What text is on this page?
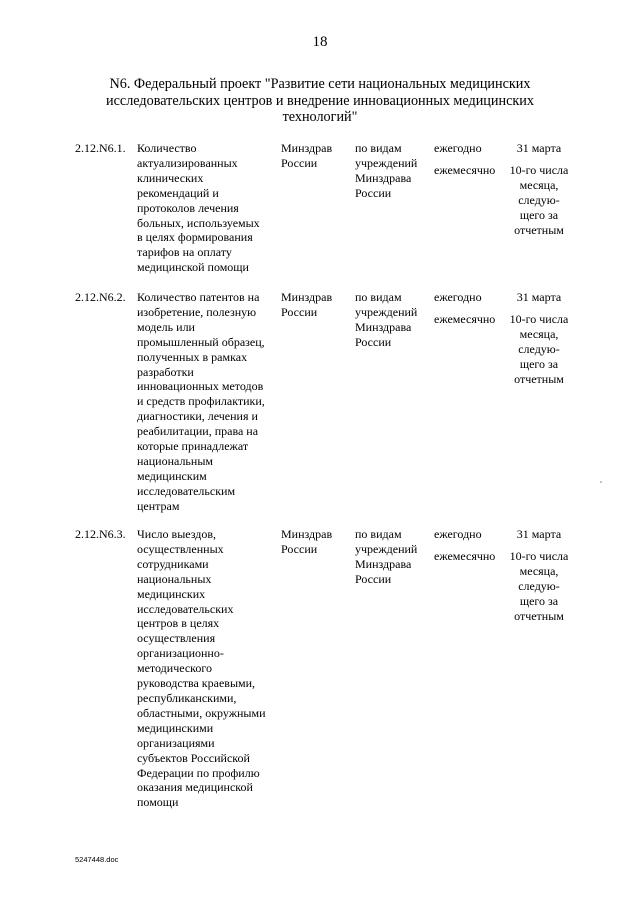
18
N6. Федеральный проект "Развитие сети национальных медицинских
исследовательских центров и внедрение инновационных медицинских
технологий"
2.12.N6.1. Количество
актуализированных
клинических
рекомендаций и
протоколов лечения
больных, используемых
в целях формирования
тарифов на оплату
медицинской помощи
Минздрав
России
по видам
учреждений
Минздрава
России
ежегодно
ежемесячно
31 марта
10-го числа
месяца,
следую-
щего за
отчетным
2.12.N6.2. Количество патентов на
изобретение, полезную
модель или
промышленный образец,
полученных в рамках
разработки
инновационных методов
и средств профилактики,
диагностики, лечения и
реабилитации, права на
которые принадлежат
национальным
медицинским
исследовательским
центрам
Минздрав
России
по видам
учреждений
Минздрава
России
ежегодно
ежемесячно
31 марта
10-го числа
месяца,
следую-
щего за
отчетным
2.12.N6.3. Число выездов,
осуществленных
сотрудниками
национальных
медицинских
исследовательских
центров в целях
осуществления
организационно-
методического
руководства краевыми,
республиканскими,
областными, окружными
медицинскими
организациями
субъектов Российской
Федерации по профилю
оказания медицинской
помощи
Минздрав
России
по видам
учреждений
Минздрава
России
ежегодно
ежемесячно
31 марта
10-го числа
месяца,
следую-
щего за
отчетным
5247448.doc
